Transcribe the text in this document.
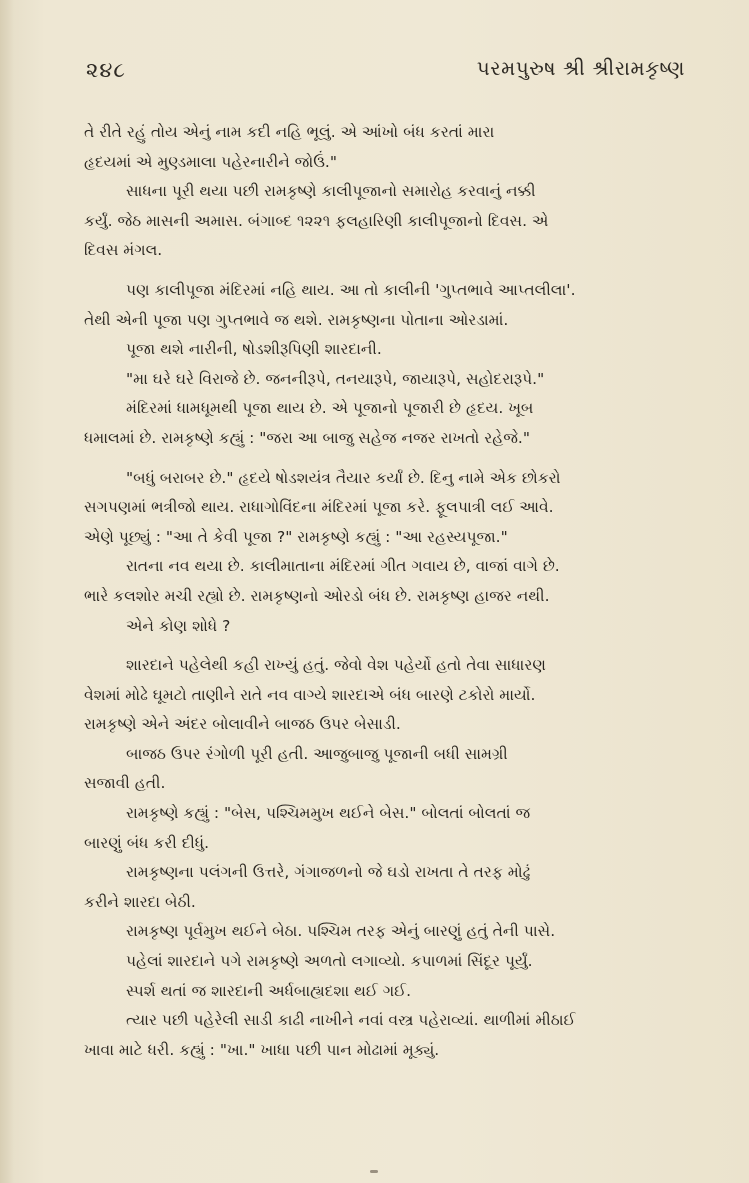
૨૪૮	પરમપુરુષ શ્રી શ્રીરામકૃષ્ણ
તે રીતે રહું તોય એનું નામ કદી નહિ ભૂલું. એ આંખો બંધ કરતાં મારા
હૃદયમાં એ મુણ્ડમાલા પહેરનારીને જોઉં."
સાધના પૂરી થયા પછી રામકૃષ્ણે કાલીપૂજાનો સમારોહ કરવાનું નક્કી
કર્યું. જેઠ માસની અમાસ. બંગાબ્દ ૧૨૨૧ ફલહારિણી કાલીપૂજાનો દિવસ. એ
દિવસ મંગલ.
પણ કાલીપૂજા મંદિરમાં નહિ થાય. આ તો કાલીની 'ગુપ્તભાવે આપ્તલીલા'.
તેથી એની પૂજા પણ ગુપ્તભાવે જ થશે. રામકૃષ્ણના પોતાના ઓરડામાં.
પૂજા થશે નારીની, ષોડશીરૂપિણી શારદાની.
"મા ઘરે ઘરે વિરાજે છે. જનનીરૂપે, તનયારૂપે, જાયારૂપે, સહોદરારૂપે."
મંદિરમાં ધામધૂમથી પૂજા થાય છે. એ પૂજાનો પૂજારી છે હૃદય. ખૂબ
ધમાલમાં છે. રામકૃષ્ણે કહ્યું : "જરા આ બાજુ સહેજ નજર રાખતો રહેજે."
"બધું બરાબર છે." હૃદયે ષોડશયંત્ર તૈયાર કર્યાં છે. દિનુ નામે એક છોકરો
સગપણમાં ભત્રીજો થાય. રાધાગોવિંદના મંદિરમાં પૂજા કરે. ફૂલપાત્રી લઈ આવે.
એણે પૂછ્યું : "આ તે કેવી પૂજા ?" રામકૃષ્ણે કહ્યું : "આ રહસ્યપૂજા."
રાતના નવ થયા છે. કાલીમાતાના મંદિરમાં ગીત ગવાય છે, વાજાં વાગે છે.
ભારે કલશોર મચી રહ્યો છે. રામકૃષ્ણનો ઓરડો બંધ છે. રામકૃષ્ણ હાજર નથી.
એને કોણ શોધે ?
શારદાને પહેલેથી કહી રાખ્યું હતું. જેવો વેશ પહેર્યો હતો તેવા સાધારણ
વેશમાં મોઢે ઘૂમટો તાણીને રાતે નવ વાગ્યે શારદાએ બંધ બારણે ટકોરો માર્યો.
રામકૃષ્ણે એને અંદર બોલાવીને બાજઠ ઉપર બેસાડી.
બાજઠ ઉપર રંગોળી પૂરી હતી. આજુબાજુ પૂજાની બધી સામગ્રી
સજાવી હતી.
રામકૃષ્ણે કહ્યું : "બેસ, પશ્ચિમમુખ થઈને બેસ." બોલતાં બોલતાં જ
બારણું બંધ કરી દીધું.
રામકૃષ્ણના પલંગની ઉત્તરે, ગંગાજળનો જે ઘડો રાખતા તે તરફ મોઢું
કરીને શારદા બેઠી.
રામકૃષ્ણ પૂર્વમુખ થઈને બેઠા. પશ્ચિમ તરફ એનું બારણું હતું તેની પાસે.
પહેલાં શારદાને પગે રામકૃષ્ણે અળતો લગાવ્યો. કપાળમાં સિંદૂર પૂર્યું.
સ્પર્શ થતાં જ શારદાની અર્ધબાહ્યદશા થઈ ગઈ.
ત્યાર પછી પહેરેલી સાડી કાઢી નાખીને નવાં વસ્ત્ર પહેરાવ્યાં. થાળીમાં મીઠાઈ
ખાવા માટે ધરી. કહ્યું : "ખા." ખાધા પછી પાન મોઢામાં મૂક્યું.
